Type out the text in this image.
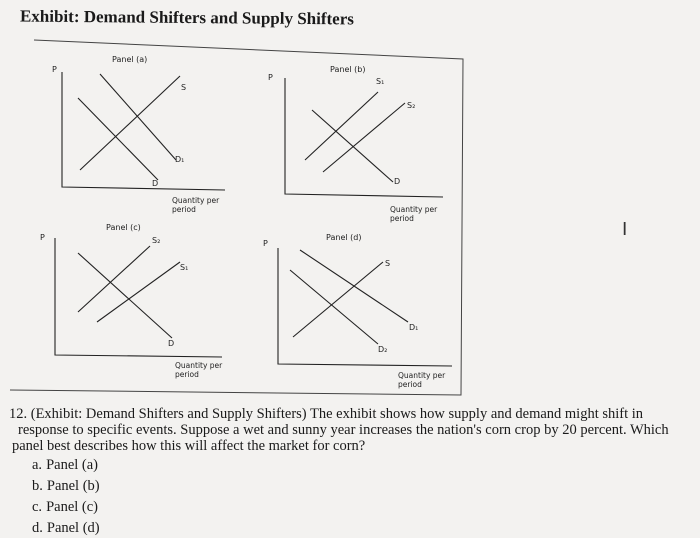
Exhibit: Demand Shifters and Supply Shifters
Panel (a)
P
S
D₁
D
Quantity per
period
Panel (b)
P	S₁
S₂
D
Quantity per
period
Panel (c)
P	S₂
S₁
D
Quantity per
period
Panel (d)
P
S
D₁
D₂
Quantity per
period
I
12. (Exhibit: Demand Shifters and Supply Shifters) The exhibit shows how supply and demand might shift in
response to specific events. Suppose a wet and sunny year increases the nation's corn crop by 20 percent. Which
panel best describes how this will affect the market for corn?
a. Panel (a)
b. Panel (b)
c. Panel (c)
d. Panel (d)
